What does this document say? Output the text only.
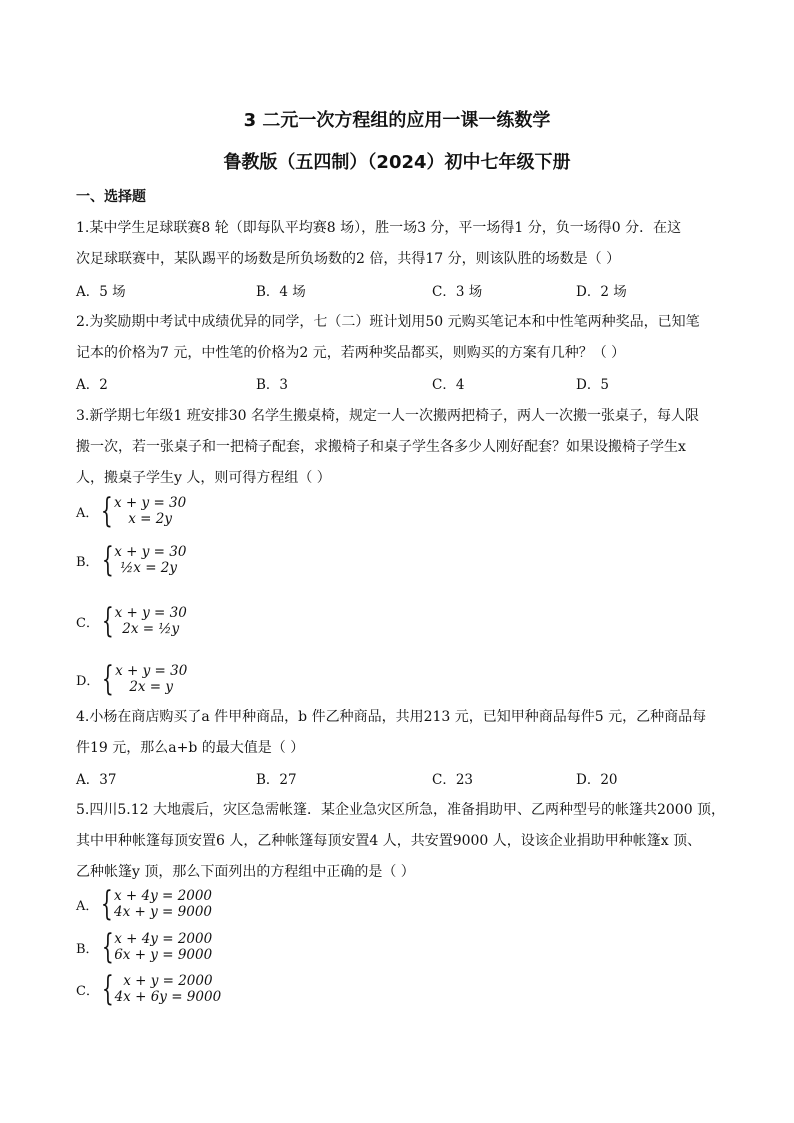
3 二元一次方程组的应用一课一练数学
鲁教版（五四制）（2024）初中七年级下册
一、选择题
1.某中学生足球联赛8 轮（即每队平均赛8 场），胜一场3 分，平一场得1 分，负一场得0 分．在这
次足球联赛中，某队踢平的场数是所负场数的2 倍，共得17 分，则该队胜的场数是（ ）
A．5 场	B．4 场	C．3 场	D．2 场
2.为奖励期中考试中成绩优异的同学，七（二）班计划用50 元购买笔记本和中性笔两种奖品，已知笔
记本的价格为7 元，中性笔的价格为2 元，若两种奖品都买，则购买的方案有几种？（ ）
A．2	B．3	C．4	D．5
3.新学期七年级1 班安排30 名学生搬桌椅，规定一人一次搬两把椅子，两人一次搬一张桌子，每人限
搬一次，若一张桌子和一把椅子配套，求搬椅子和桌子学生各多少人刚好配套？如果设搬椅子学生x
人，搬桌子学生y 人，则可得方程组（ ）
A． { x + y = 30
x = 2y
B． { x + y = 30
½x = 2y
C． { x + y = 30
2x = ½y
D． { x + y = 30
2x = y
4.小杨在商店购买了a 件甲种商品，b 件乙种商品，共用213 元，已知甲种商品每件5 元，乙种商品每
件19 元，那么a+b 的最大值是（ ）
A．37	B．27	C．23	D．20
5.四川5.12 大地震后，灾区急需帐篷．某企业急灾区所急，准备捐助甲、乙两种型号的帐篷共2000 顶，
其中甲种帐篷每顶安置6 人，乙种帐篷每顶安置4 人，共安置9000 人，设该企业捐助甲种帐篷x 顶、
乙种帐篷y 顶，那么下面列出的方程组中正确的是（ ）
A． { x + 4y = 2000
4x + y = 9000
B． { x + 4y = 2000
6x + y = 9000
C． { x + y = 2000
4x + 6y = 9000
